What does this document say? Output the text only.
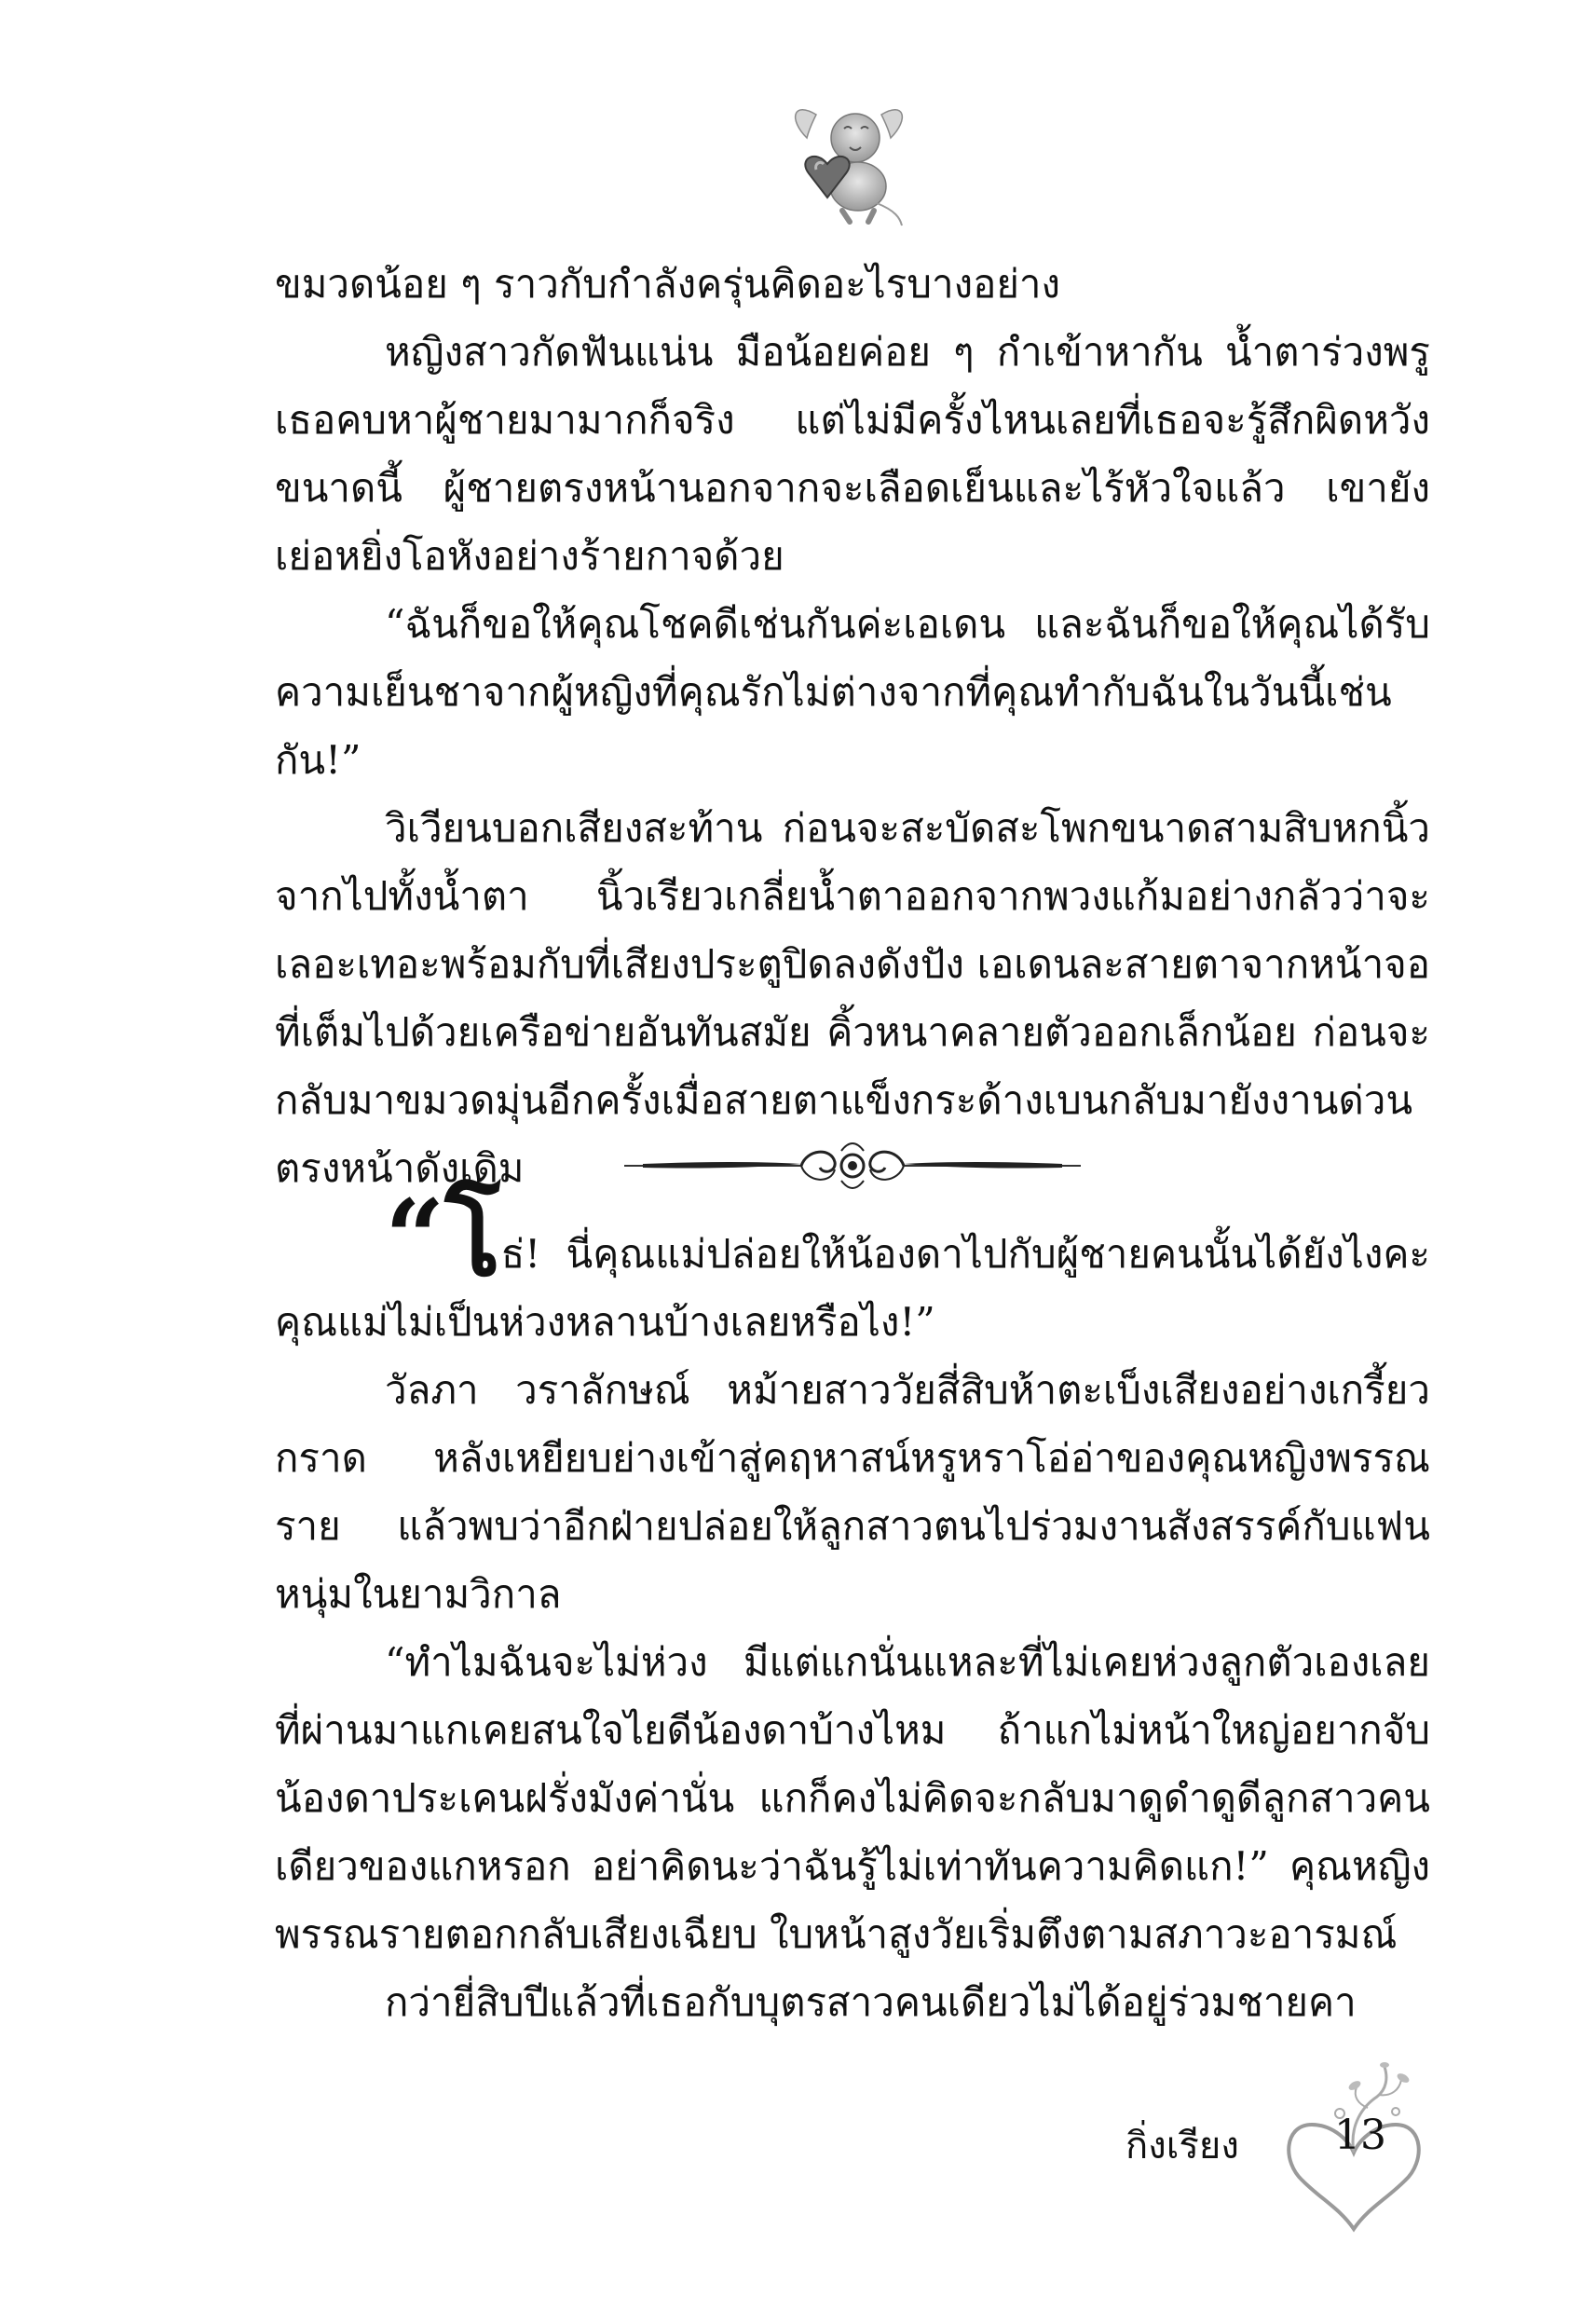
ขมวดน้อย ๆ ราวกับกำลังครุ่นคิดอะไรบางอย่าง

หญิงสาวกัดฟันแน่น มือน้อยค่อย ๆ กำเข้าหากัน น้ำตาร่วงพรู เธอคบหาผู้ชายมามากก็จริง แต่ไม่มีครั้งไหนเลยที่เธอจะรู้สึกผิดหวังขนาดนี้ ผู้ชายตรงหน้านอกจากจะเลือดเย็นและไร้หัวใจแล้ว เขายังเย่อหยิ่งโอหังอย่างร้ายกาจด้วย

“ฉันก็ขอให้คุณโชคดีเช่นกันค่ะเอเดน และฉันก็ขอให้คุณได้รับความเย็นชาจากผู้หญิงที่คุณรักไม่ต่างจากที่คุณทำกับฉันในวันนี้เช่นกัน!”

วิเวียนบอกเสียงสะท้าน ก่อนจะสะบัดสะโพกขนาดสามสิบหกนิ้วจากไปทั้งน้ำตา นิ้วเรียวเกลี่ยน้ำตาออกจากพวงแก้มอย่างกลัวว่าจะเลอะเทอะพร้อมกับที่เสียงประตูปิดลงดังปัง เอเดนละสายตาจากหน้าจอที่เต็มไปด้วยเครือข่ายอันทันสมัย คิ้วหนาคลายตัวออกเล็กน้อย ก่อนจะกลับมาขมวดมุ่นอีกครั้งเมื่อสายตาแข็งกระด้างเบนกลับมายังงานด่วนตรงหน้าดังเดิม

“โธ่! นี่คุณแม่ปล่อยให้น้องดาไปกับผู้ชายคนนั้นได้ยังไงคะ คุณแม่ไม่เป็นห่วงหลานบ้างเลยหรือไง!”

วัลภา วราลักษณ์ หม้ายสาววัยสี่สิบห้าตะเบ็งเสียงอย่างเกรี้ยวกราด หลังเหยียบย่างเข้าสู่คฤหาสน์หรูหราโอ่อ่าของคุณหญิงพรรณราย แล้วพบว่าอีกฝ่ายปล่อยให้ลูกสาวตนไปร่วมงานสังสรรค์กับแฟนหนุ่มในยามวิกาล

“ทำไมฉันจะไม่ห่วง มีแต่แกนั่นแหละที่ไม่เคยห่วงลูกตัวเองเลย ที่ผ่านมาแกเคยสนใจไยดีน้องดาบ้างไหม ถ้าแกไม่หน้าใหญ่อยากจับน้องดาประเคนฝรั่งมังค่านั่น แกก็คงไม่คิดจะกลับมาดูดำดูดีลูกสาวคนเดียวของแกหรอก อย่าคิดนะว่าฉันรู้ไม่เท่าทันความคิดแก!” คุณหญิงพรรณรายตอกกลับเสียงเฉียบ ใบหน้าสูงวัยเริ่มตึงตามสภาวะอารมณ์

กว่ายี่สิบปีแล้วที่เธอกับบุตรสาวคนเดียวไม่ได้อยู่ร่วมชายคา

กิ่งเรียง 13
